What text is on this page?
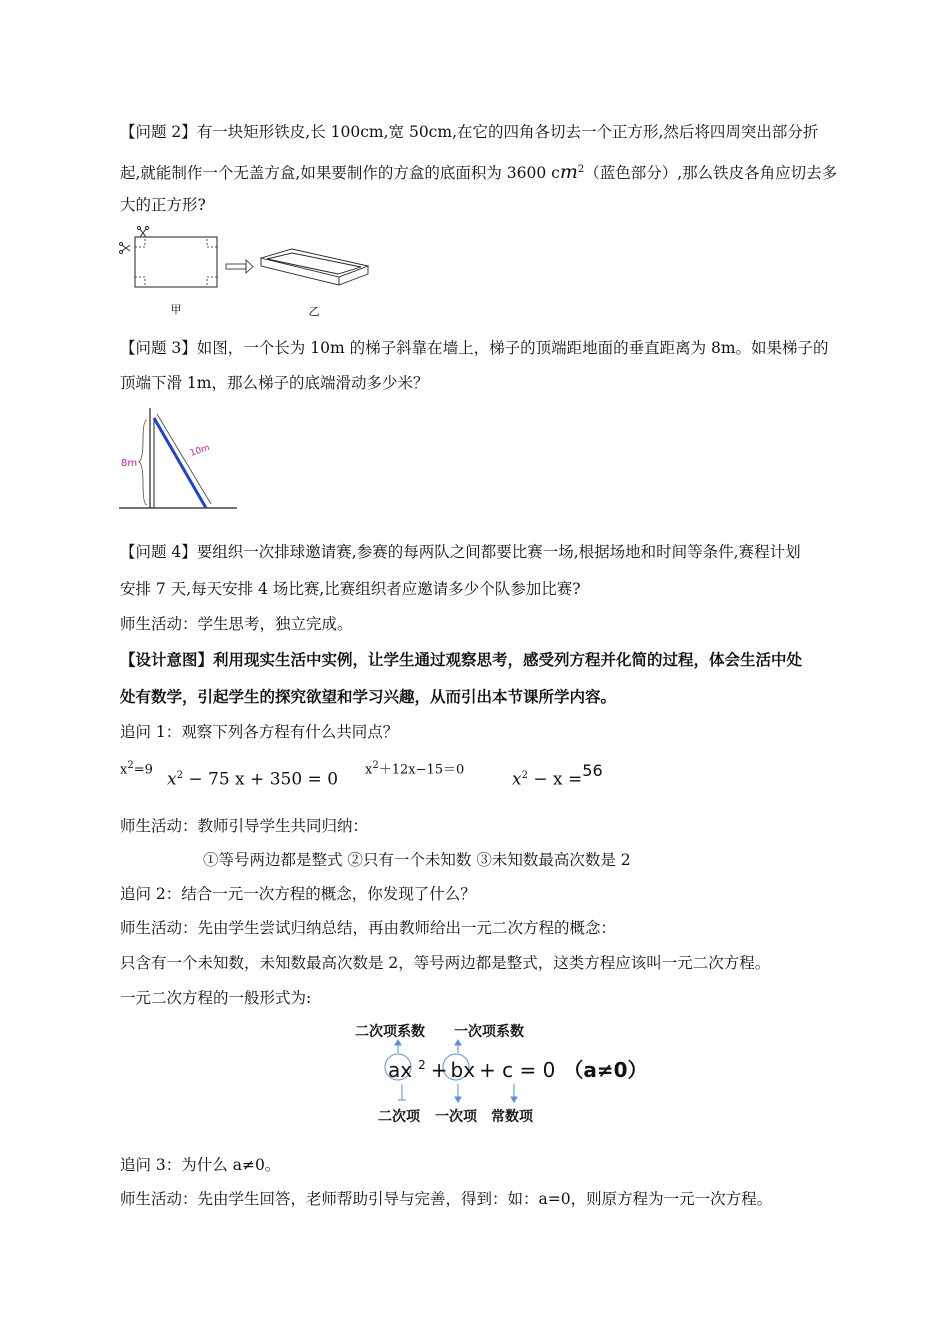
【问题 2】有一块矩形铁皮,长 100cm,宽 50cm,在它的四角各切去一个正方形,然后将四周突出部分折
起,就能制作一个无盖方盒,如果要制作的方盒的底面积为 3600 $cm^2$（蓝色部分）,那么铁皮各角应切去多
大的正方形?
甲	乙
【问题 3】如图，一个长为 10m 的梯子斜靠在墙上，梯子的顶端距地面的垂直距离为 8m。如果梯子的
顶端下滑 1m，那么梯子的底端滑动多少米？
8m
10m
【问题 4】要组织一次排球邀请赛,参赛的每两队之间都要比赛一场,根据场地和时间等条件,赛程计划
安排 7 天,每天安排 4 场比赛,比赛组织者应邀请多少个队参加比赛?
师生活动：学生思考，独立完成。
【设计意图】利用现实生活中实例，让学生通过观察思考，感受列方程并化简的过程，体会生活中处
处有数学，引起学生的探究欲望和学习兴趣，从而引出本节课所学内容。
追问 1：观察下列各方程有什么共同点？
$x^2=9$ $x^2 - 75$ x + 350 = 0 $x^2+12x-15=0$	$x^2 - x =56$
师生活动：教师引导学生共同归纳：
①等号两边都是整式 ②只有一个未知数 ③未知数最高次数是 2
追问 2：结合一元一次方程的概念，你发现了什么？
师生活动：先由学生尝试归纳总结，再由教师给出一元二次方程的概念：
只含有一个未知数，未知数最高次数是 2，等号两边都是整式，这类方程应该叫一元二次方程。
一元二次方程的一般形式为:
二次项系数 一次项系数
ax $^2$ + bx + c = 0 （a≠0）
二次项 一次项 常数项
追问 3：为什么 a≠0。
师生活动：先由学生回答，老师帮助引导与完善，得到：如：a=0，则原方程为一元一次方程。
